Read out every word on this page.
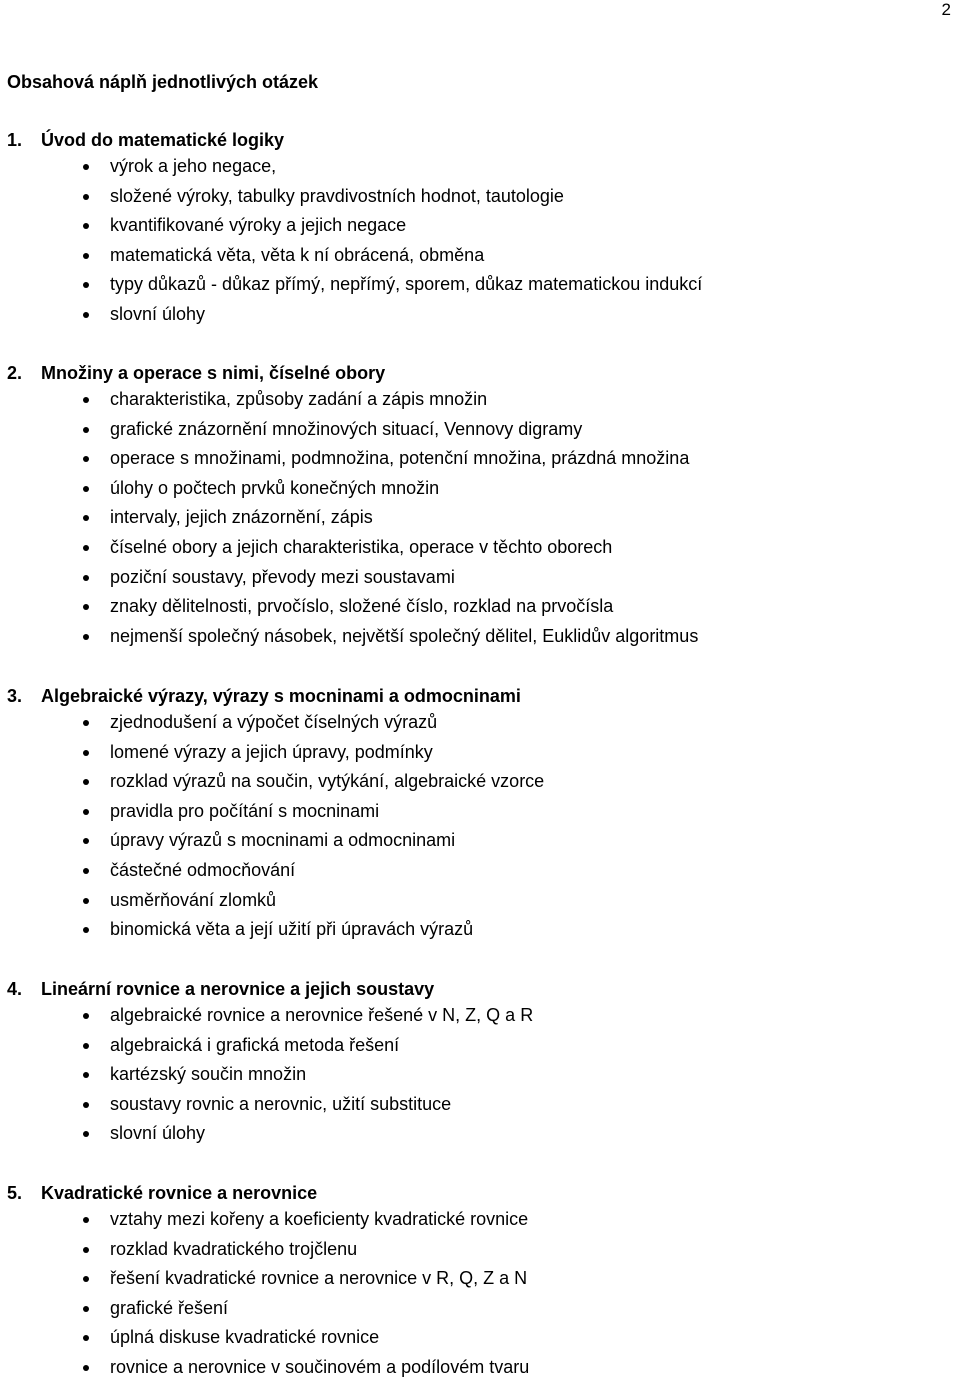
2
Obsahová náplň jednotlivých otázek
1.	Úvod do matematické logiky
výrok a jeho negace,
složené výroky, tabulky pravdivostních hodnot, tautologie
kvantifikované výroky a jejich negace
matematická věta, věta k ní obrácená, obměna
typy důkazů - důkaz přímý, nepřímý, sporem, důkaz matematickou indukcí
slovní úlohy
2.	Množiny a operace s nimi, číselné obory
charakteristika, způsoby zadání a zápis množin
grafické znázornění množinových situací, Vennovy digramy
operace s množinami, podmnožina, potenční množina, prázdná množina
úlohy o počtech prvků konečných množin
intervaly, jejich znázornění, zápis
číselné obory a jejich charakteristika, operace v těchto oborech
poziční soustavy, převody mezi soustavami
znaky dělitelnosti, prvočíslo, složené číslo, rozklad na prvočísla
nejmenší společný násobek, největší společný dělitel, Euklidův algoritmus
3.	Algebraické výrazy, výrazy s mocninami a odmocninami
zjednodušení a výpočet číselných výrazů
lomené výrazy a jejich úpravy, podmínky
rozklad výrazů na součin, vytýkání, algebraické vzorce
pravidla pro počítání s mocninami
úpravy výrazů s mocninami a odmocninami
částečné odmocňování
usměrňování zlomků
binomická věta a její užití při úpravách výrazů
4.	Lineární rovnice a nerovnice a jejich soustavy
algebraické rovnice a nerovnice řešené v N, Z, Q a R
algebraická i grafická metoda řešení
kartézský součin množin
soustavy rovnic a nerovnic, užití substituce
slovní úlohy
5.	Kvadratické rovnice a nerovnice
vztahy mezi kořeny a koeficienty kvadratické rovnice
rozklad kvadratického trojčlenu
řešení kvadratické rovnice a nerovnice v R, Q, Z a N
grafické řešení
úplná diskuse kvadratické rovnice
rovnice a nerovnice v součinovém a podílovém tvaru
